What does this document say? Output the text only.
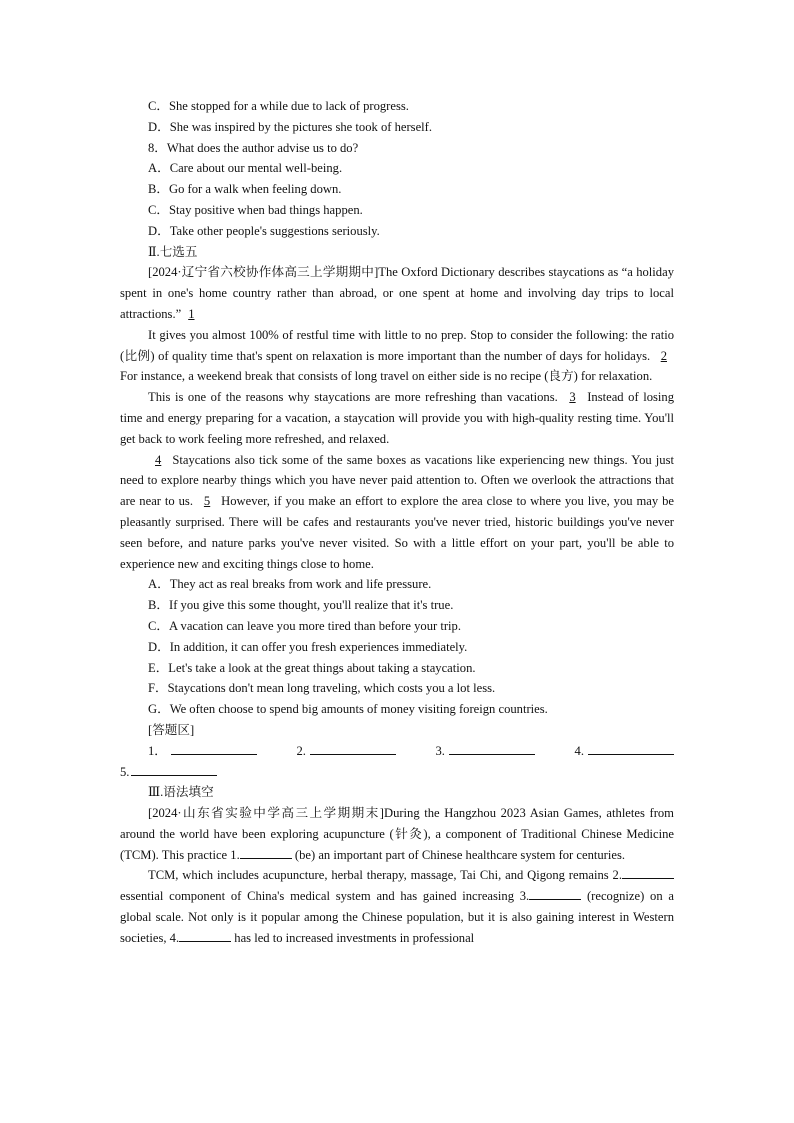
C．She stopped for a while due to lack of progress.

D．She was inspired by the pictures she took of herself.

8．What does the author advise us to do?

A．Care about our mental well-being.

B．Go for a walk when feeling down.

C．Stay positive when bad things happen.

D．Take other people's suggestions seriously.

Ⅱ.七选五

[2024·辽宁省六校协作体高三上学期期中]The Oxford Dictionary describes staycations as “a holiday spent in one's home country rather than abroad, or one spent at home and involving day trips to local attractions.” 1

It gives you almost 100% of restful time with little to no prep. Stop to consider the following: the ratio (比例) of quality time that's spent on relaxation is more important than the number of days for holidays. 2 For instance, a weekend break that consists of long travel on either side is no recipe (良方) for relaxation.

This is one of the reasons why staycations are more refreshing than vacations. 3 Instead of losing time and energy preparing for a vacation, a staycation will provide you with high-quality resting time. You'll get back to work feeling more refreshed, and relaxed.

4 Staycations also tick some of the same boxes as vacations like experiencing new things. You just need to explore nearby things which you have never paid attention to. Often we overlook the attractions that are near to us. 5 However, if you make an effort to explore the area close to where you live, you may be pleasantly surprised. There will be cafes and restaurants you've never tried, historic buildings you've never seen before, and nature parks you've never visited. So with a little effort on your part, you'll be able to experience new and exciting things close to home.

A．They act as real breaks from work and life pressure.

B．If you give this some thought, you'll realize that it's true.

C．A vacation can leave you more tired than before your trip.

D．In addition, it can offer you fresh experiences immediately.

E．Let's take a look at the great things about taking a staycation.

F．Staycations don't mean long traveling, which costs you a lot less.

G．We often choose to spend big amounts of money visiting foreign countries.

[答题区]

1．	2.	3.	4.

5.

Ⅲ.语法填空

[2024·山东省实验中学高三上学期期末]During the Hangzhou 2023 Asian Games, athletes from around the world have been exploring acupuncture (针灸), a component of Traditional Chinese Medicine (TCM). This practice 1.	(be) an important part of Chinese healthcare system for centuries.

TCM, which includes acupuncture, herbal therapy, massage, Tai Chi, and Qigong remains 2. essential component of China's medical system and has gained increasing 3.	(recognize) on a global scale. Not only is it popular among the Chinese population, but it is also gaining interest in Western societies, 4.	has led to increased investments in professional
